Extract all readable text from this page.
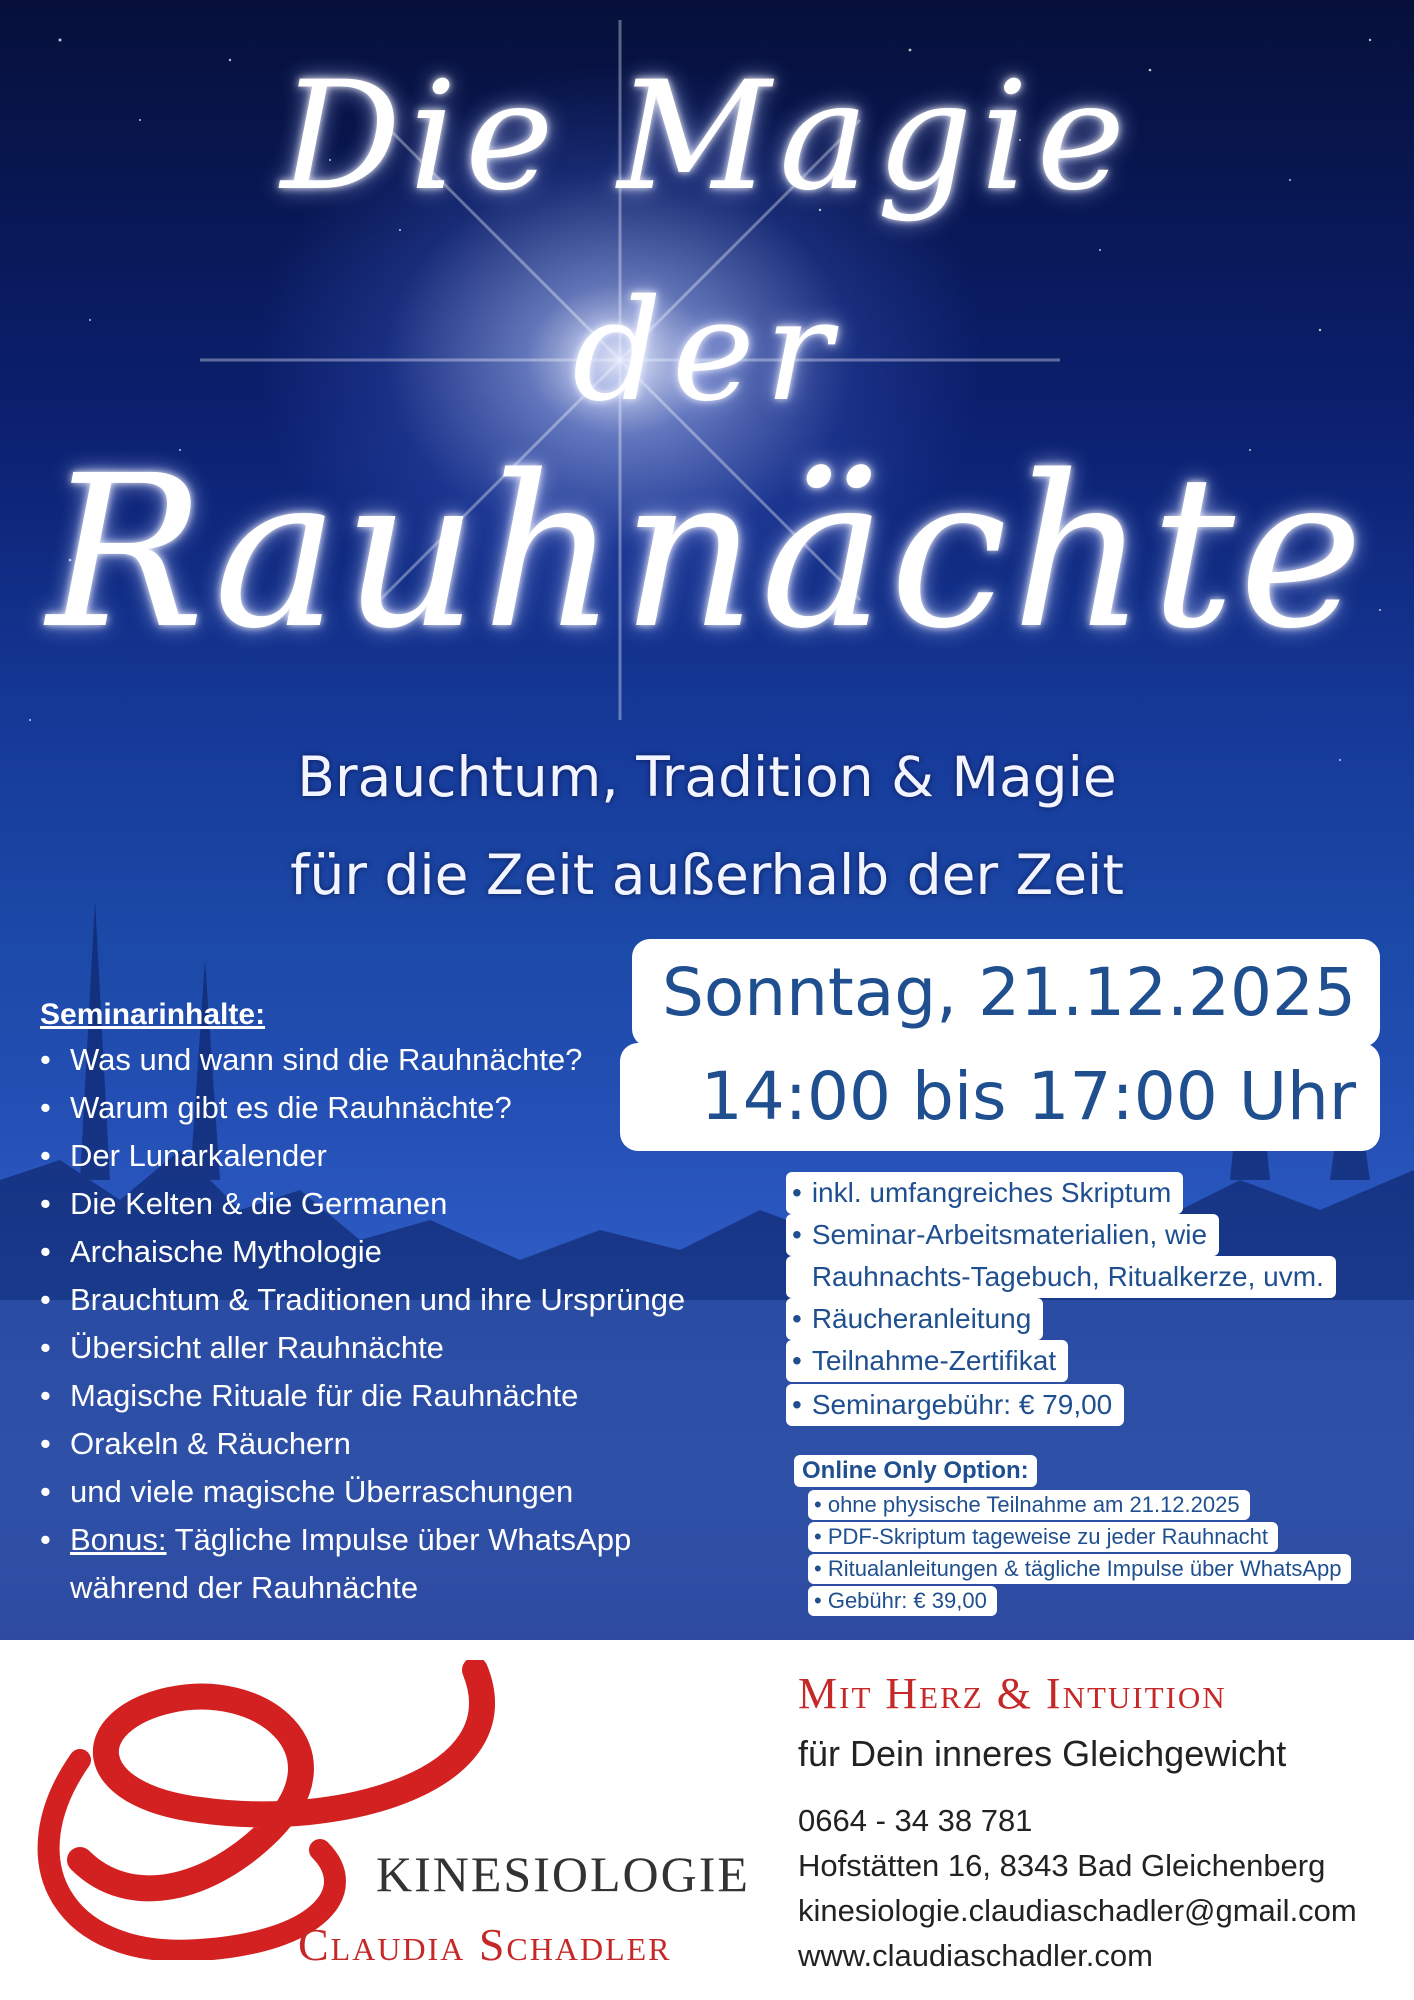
Die Magie
der
Rauhnächte
Brauchtum, Tradition & Magie
für die Zeit außerhalb der Zeit
Sonntag, 21.12.2025
14:00 bis 17:00 Uhr
Seminarinhalte:
• Was und wann sind die Rauhnächte?
• Warum gibt es die Rauhnächte?
• Der Lunarkalender
• Die Kelten & die Germanen
• Archaische Mythologie
• Brauchtum & Traditionen und ihre Ursprünge
• Übersicht aller Rauhnächte
• Magische Rituale für die Rauhnächte
• Orakeln & Räuchern
• und viele magische Überraschungen
• Bonus: Tägliche Impulse über WhatsApp
während der Rauhnächte
• inkl. umfangreiches Skriptum
• Seminar-Arbeitsmaterialien, wie
Rauhnachts-Tagebuch, Ritualkerze, uvm.
• Räucheranleitung
• Teilnahme-Zertifikat
• Seminargebühr: € 79,00
Online Only Option:
• ohne physische Teilnahme am 21.12.2025
• PDF-Skriptum tageweise zu jeder Rauhnacht
• Ritualanleitungen & tägliche Impulse über WhatsApp
• Gebühr: € 39,00
KINESIOLOGIE
Claudia Schadler
Mit Herz & Intuition
für Dein inneres Gleichgewicht
0664 - 34 38 781
Hofstätten 16, 8343 Bad Gleichenberg
kinesiologie.claudiaschadler@gmail.com
www.claudiaschadler.com
